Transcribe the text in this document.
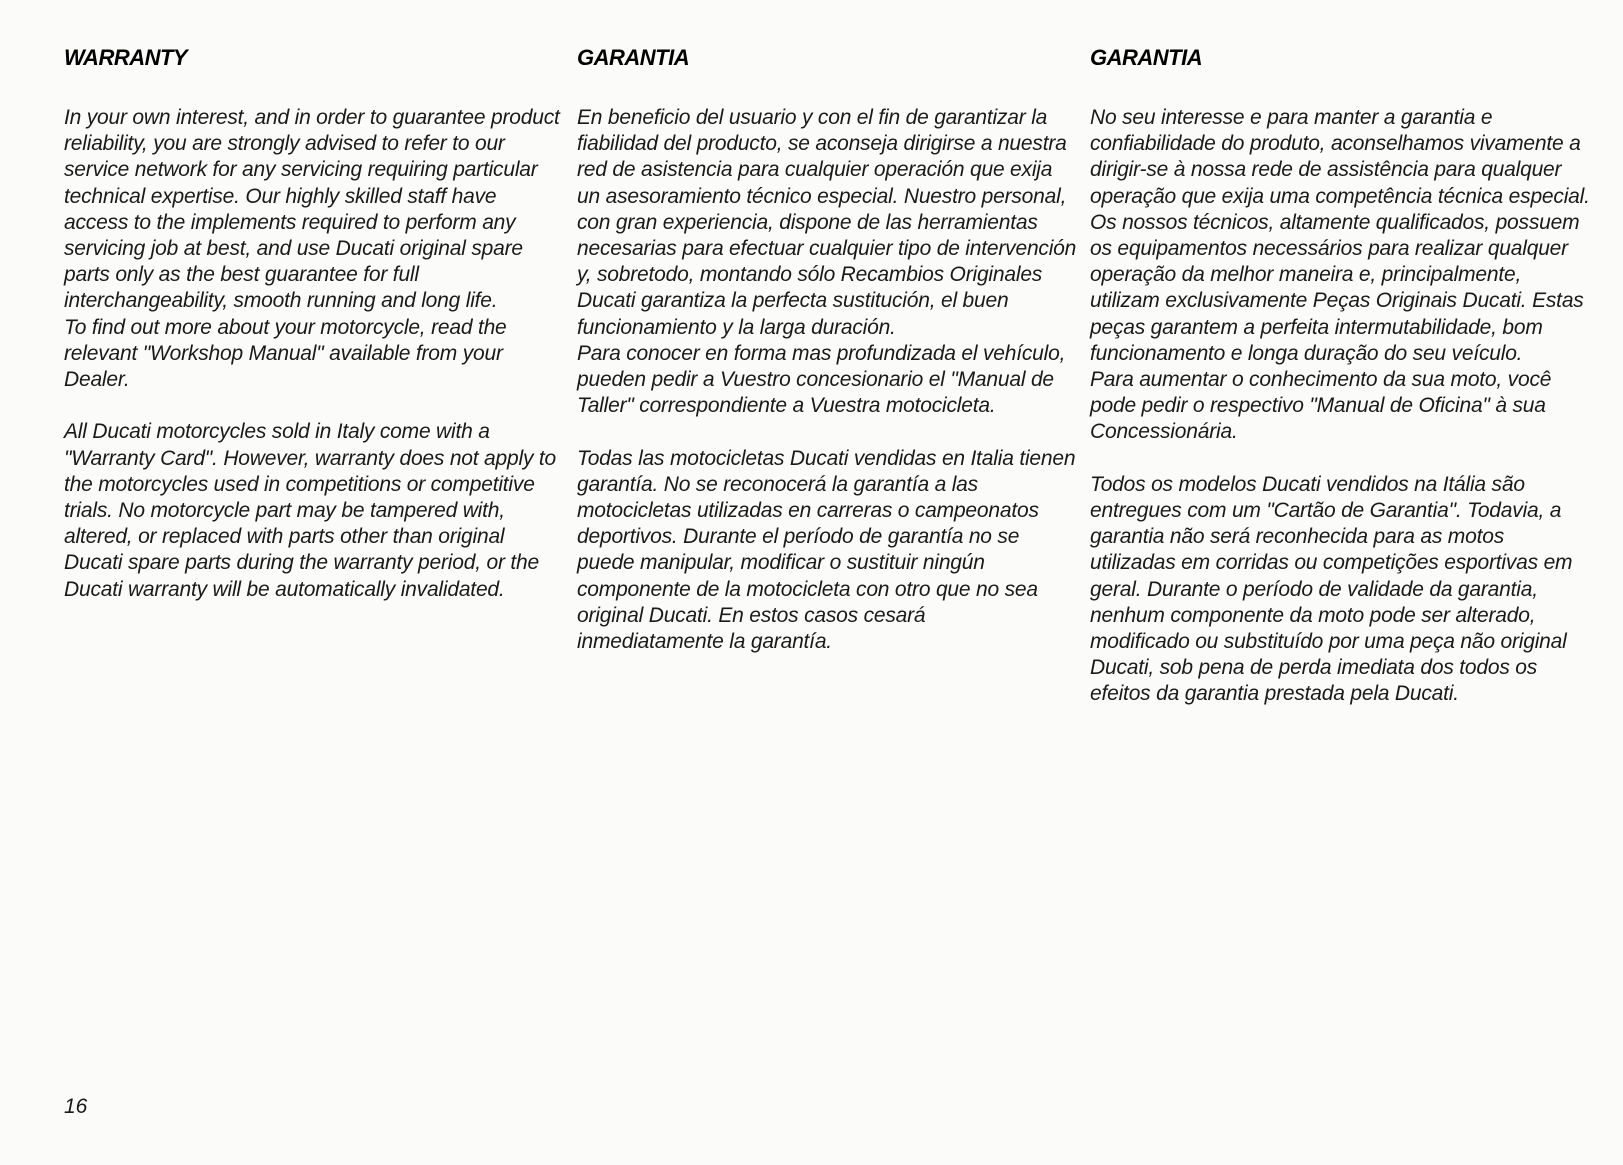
WARRANTY

In your own interest, and in order to guarantee product reliability, you are strongly advised to refer to our service network for any servicing requiring particular technical expertise. Our highly skilled staff have access to the implements required to perform any servicing job at best, and use Ducati original spare parts only as the best guarantee for full interchangeability, smooth running and long life.

To find out more about your motorcycle, read the relevant "Workshop Manual" available from your Dealer.

All Ducati motorcycles sold in Italy come with a "Warranty Card". However, warranty does not apply to the motorcycles used in competitions or competitive trials. No motorcycle part may be tampered with, altered, or replaced with parts other than original Ducati spare parts during the warranty period, or the Ducati warranty will be automatically invalidated.

GARANTIA

En beneficio del usuario y con el fin de garantizar la fiabilidad del producto, se aconseja dirigirse a nuestra red de asistencia para cualquier operación que exija un asesoramiento técnico especial. Nuestro personal, con gran experiencia, dispone de las herramientas necesarias para efectuar cualquier tipo de intervención y, sobretodo, montando sólo Recambios Originales Ducati garantiza la perfecta sustitución, el buen funcionamiento y la larga duración.

Para conocer en forma mas profundizada el vehículo, pueden pedir a Vuestro concesionario el "Manual de Taller" correspondiente a Vuestra motocicleta.

Todas las motocicletas Ducati vendidas en Italia tienen garantía. No se reconocerá la garantía a las motocicletas utilizadas en carreras o campeonatos deportivos. Durante el período de garantía no se puede manipular, modificar o sustituir ningún componente de la motocicleta con otro que no sea original Ducati. En estos casos cesará inmediatamente la garantía.

GARANTIA

No seu interesse e para manter a garantia e confiabilidade do produto, aconselhamos vivamente a dirigir-se à nossa rede de assistência para qualquer operação que exija uma competência técnica especial.

Os nossos técnicos, altamente qualificados, possuem os equipamentos necessários para realizar qualquer operação da melhor maneira e, principalmente, utilizam exclusivamente Peças Originais Ducati. Estas peças garantem a perfeita intermutabilidade, bom funcionamento e longa duração do seu veículo.

Para aumentar o conhecimento da sua moto, você pode pedir o respectivo "Manual de Oficina" à sua Concessionária.

Todos os modelos Ducati vendidos na Itália são entregues com um "Cartão de Garantia". Todavia, a garantia não será reconhecida para as motos utilizadas em corridas ou competições esportivas em geral. Durante o período de validade da garantia, nenhum componente da moto pode ser alterado, modificado ou substituído por uma peça não original Ducati, sob pena de perda imediata dos todos os efeitos da garantia prestada pela Ducati.

16
